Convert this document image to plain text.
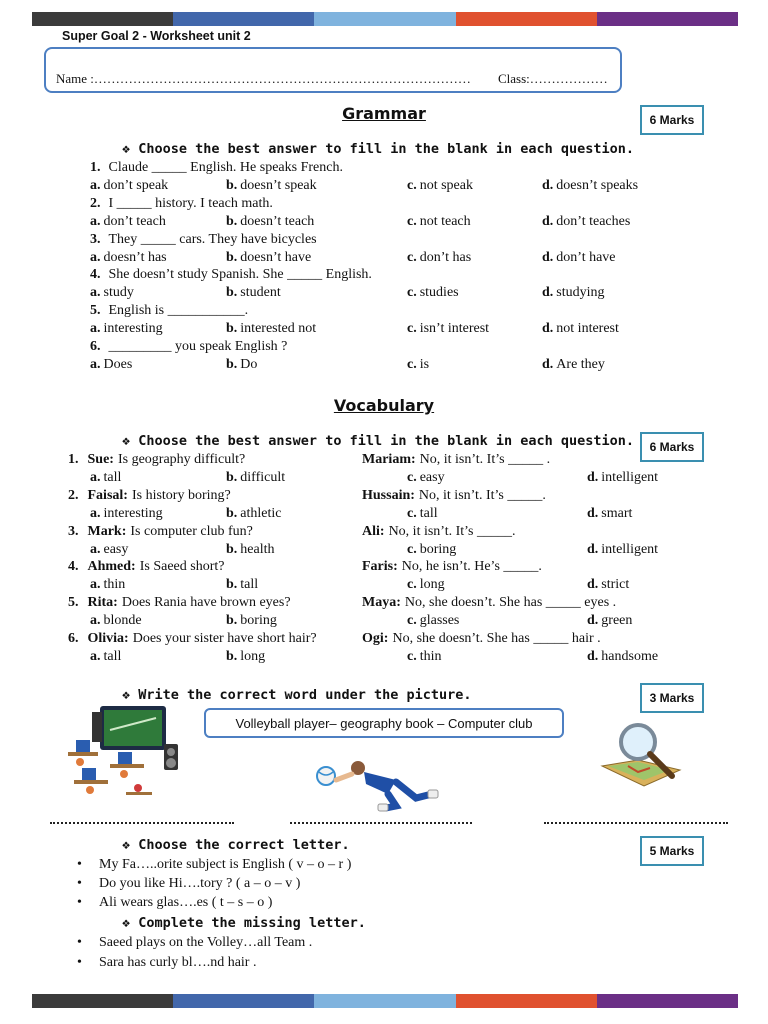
Super Goal 2 - Worksheet unit 2
Name :…………………………………………………………………………… Class:………………
Grammar	6 Marks
❖ Choose the best answer to fill in the blank in each question.
1. Claude _____ English. He speaks French.
a. don’t speak	b. doesn’t speak	c. not speak	d. doesn’t speaks
2. I _____ history. I teach math.
a. don’t teach	b. doesn’t teach	c. not teach	d. don’t teaches
3. They _____ cars. They have bicycles
a. doesn’t has	b. doesn’t have	c. don’t has	d. don’t have
4. She doesn’t study Spanish. She _____ English.
a. study	b. student	c. studies	d. studying
5. English is ___________.
a. interesting	b. interested not	c. isn’t interest	d. not interest
6. _________ you speak English ?
a. Does	b. Do	c. is	d. Are they
Vocabulary
6 Marks
❖ Choose the best answer to fill in the blank in each question.
1. Sue: Is geography difficult?	Mariam: No, it isn’t. It’s _____ .
a. tall	b. difficult	c. easy	d. intelligent
2. Faisal: Is history boring?	Hussain: No, it isn’t. It’s _____.
a. interesting	b. athletic	c. tall	d. smart
3. Mark: Is computer club fun?	Ali: No, it isn’t. It’s _____.
a. easy	b. health	c. boring	d. intelligent
4. Ahmed: Is Saeed short?	Faris: No, he isn’t. He’s _____.
a. thin	b. tall	c. long	d. strict
5. Rita: Does Rania have brown eyes?	Maya: No, she doesn’t. She has _____ eyes .
a. blonde	b. boring	c. glasses	d. green
6. Olivia: Does your sister have short hair?	Ogi: No, she doesn’t. She has _____ hair .
a. tall	b. long	c. thin	d. handsome
❖ Write the correct word under the picture.	3 Marks
Volleyball player– geography book – Computer club
❖ Choose the correct letter.	5 Marks
• My Fa…..orite subject is English ( v – o – r )
• Do you like Hi….tory ? ( a – o – v )
• Ali wears glas….es ( t – s – o )
❖ Complete the missing letter.
• Saeed plays on the Volley…all Team .
• Sara has curly bl….nd hair .
